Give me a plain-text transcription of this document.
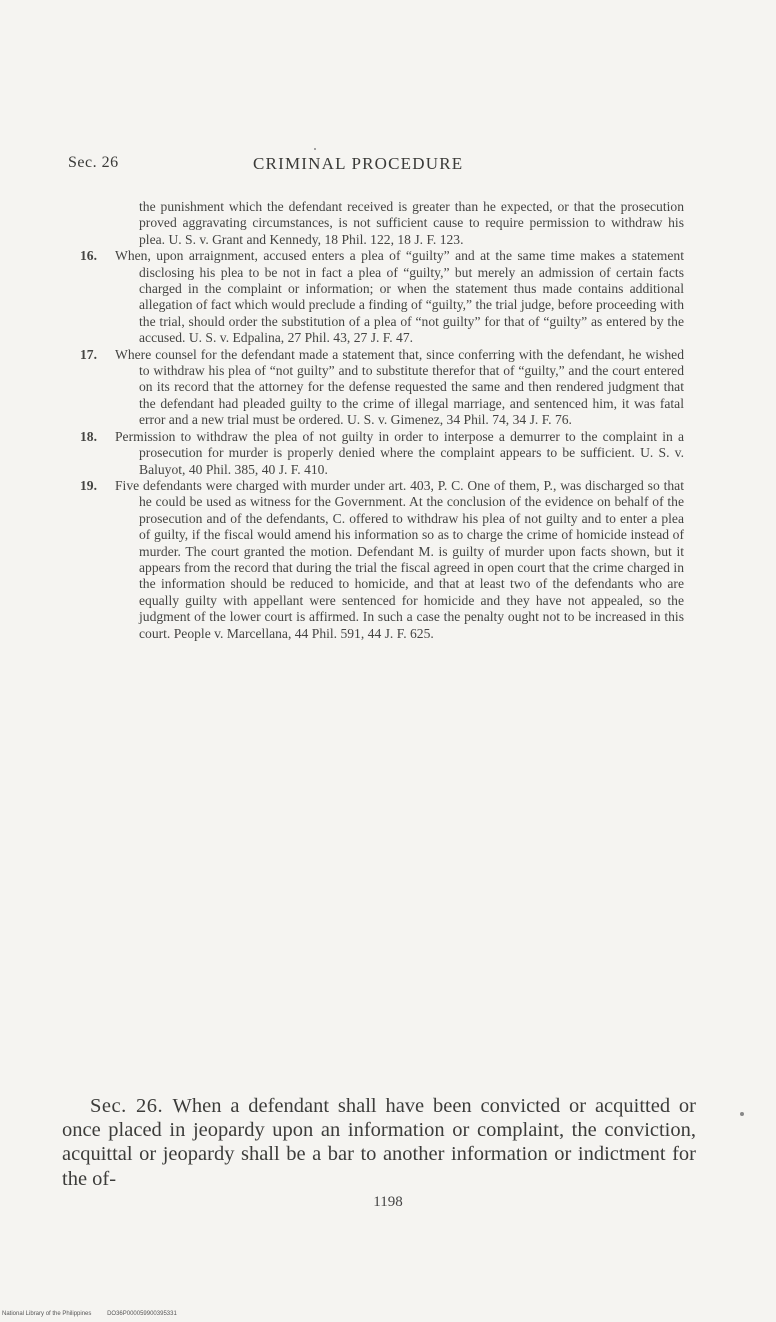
Sec. 26	CRIMINAL PROCEDURE

the punishment which the defendant received is greater than he expected, or that the prosecution proved aggravating circumstances, is not sufficient cause to require permission to withdraw his plea. U. S. v. Grant and Kennedy, 18 Phil. 122, 18 J. F. 123.

16. When, upon arraignment, accused enters a plea of “guilty” and at the same time makes a statement disclosing his plea to be not in fact a plea of “guilty,” but merely an admission of certain facts charged in the complaint or information; or when the statement thus made contains additional allegation of fact which would preclude a finding of “guilty,” the trial judge, before proceeding with the trial, should order the substitution of a plea of “not guilty” for that of “guilty” as entered by the accused. U. S. v. Edpalina, 27 Phil. 43, 27 J. F. 47.

17. Where counsel for the defendant made a statement that, since conferring with the defendant, he wished to withdraw his plea of “not guilty” and to substitute therefor that of “guilty,” and the court entered on its record that the attorney for the defense requested the same and then rendered judgment that the defendant had pleaded guilty to the crime of illegal marriage, and sentenced him, it was fatal error and a new trial must be ordered. U. S. v. Gimenez, 34 Phil. 74, 34 J. F. 76.

18. Permission to withdraw the plea of not guilty in order to interpose a demurrer to the complaint in a prosecution for murder is properly denied where the complaint appears to be sufficient. U. S. v. Baluyot, 40 Phil. 385, 40 J. F. 410.

19. Five defendants were charged with murder under art. 403, P. C. One of them, P., was discharged so that he could be used as witness for the Government. At the conclusion of the evidence on behalf of the prosecution and of the defendants, C. offered to withdraw his plea of not guilty and to enter a plea of guilty, if the fiscal would amend his information so as to charge the crime of homicide instead of murder. The court granted the motion. Defendant M. is guilty of murder upon facts shown, but it appears from the record that during the trial the fiscal agreed in open court that the crime charged in the information should be reduced to homicide, and that at least two of the defendants who are equally guilty with appellant were sentenced for homicide and they have not appealed, so the judgment of the lower court is affirmed. In such a case the penalty ought not to be increased in this court. People v. Marcellana, 44 Phil. 591, 44 J. F. 625.

Sec. 26. When a defendant shall have been convicted or acquitted or once placed in jeopardy upon an information or complaint, the conviction, acquittal or jeopardy shall be a bar to another information or indictment for the of-
1198
National Library of the Philippines	DO36P000059900395331
